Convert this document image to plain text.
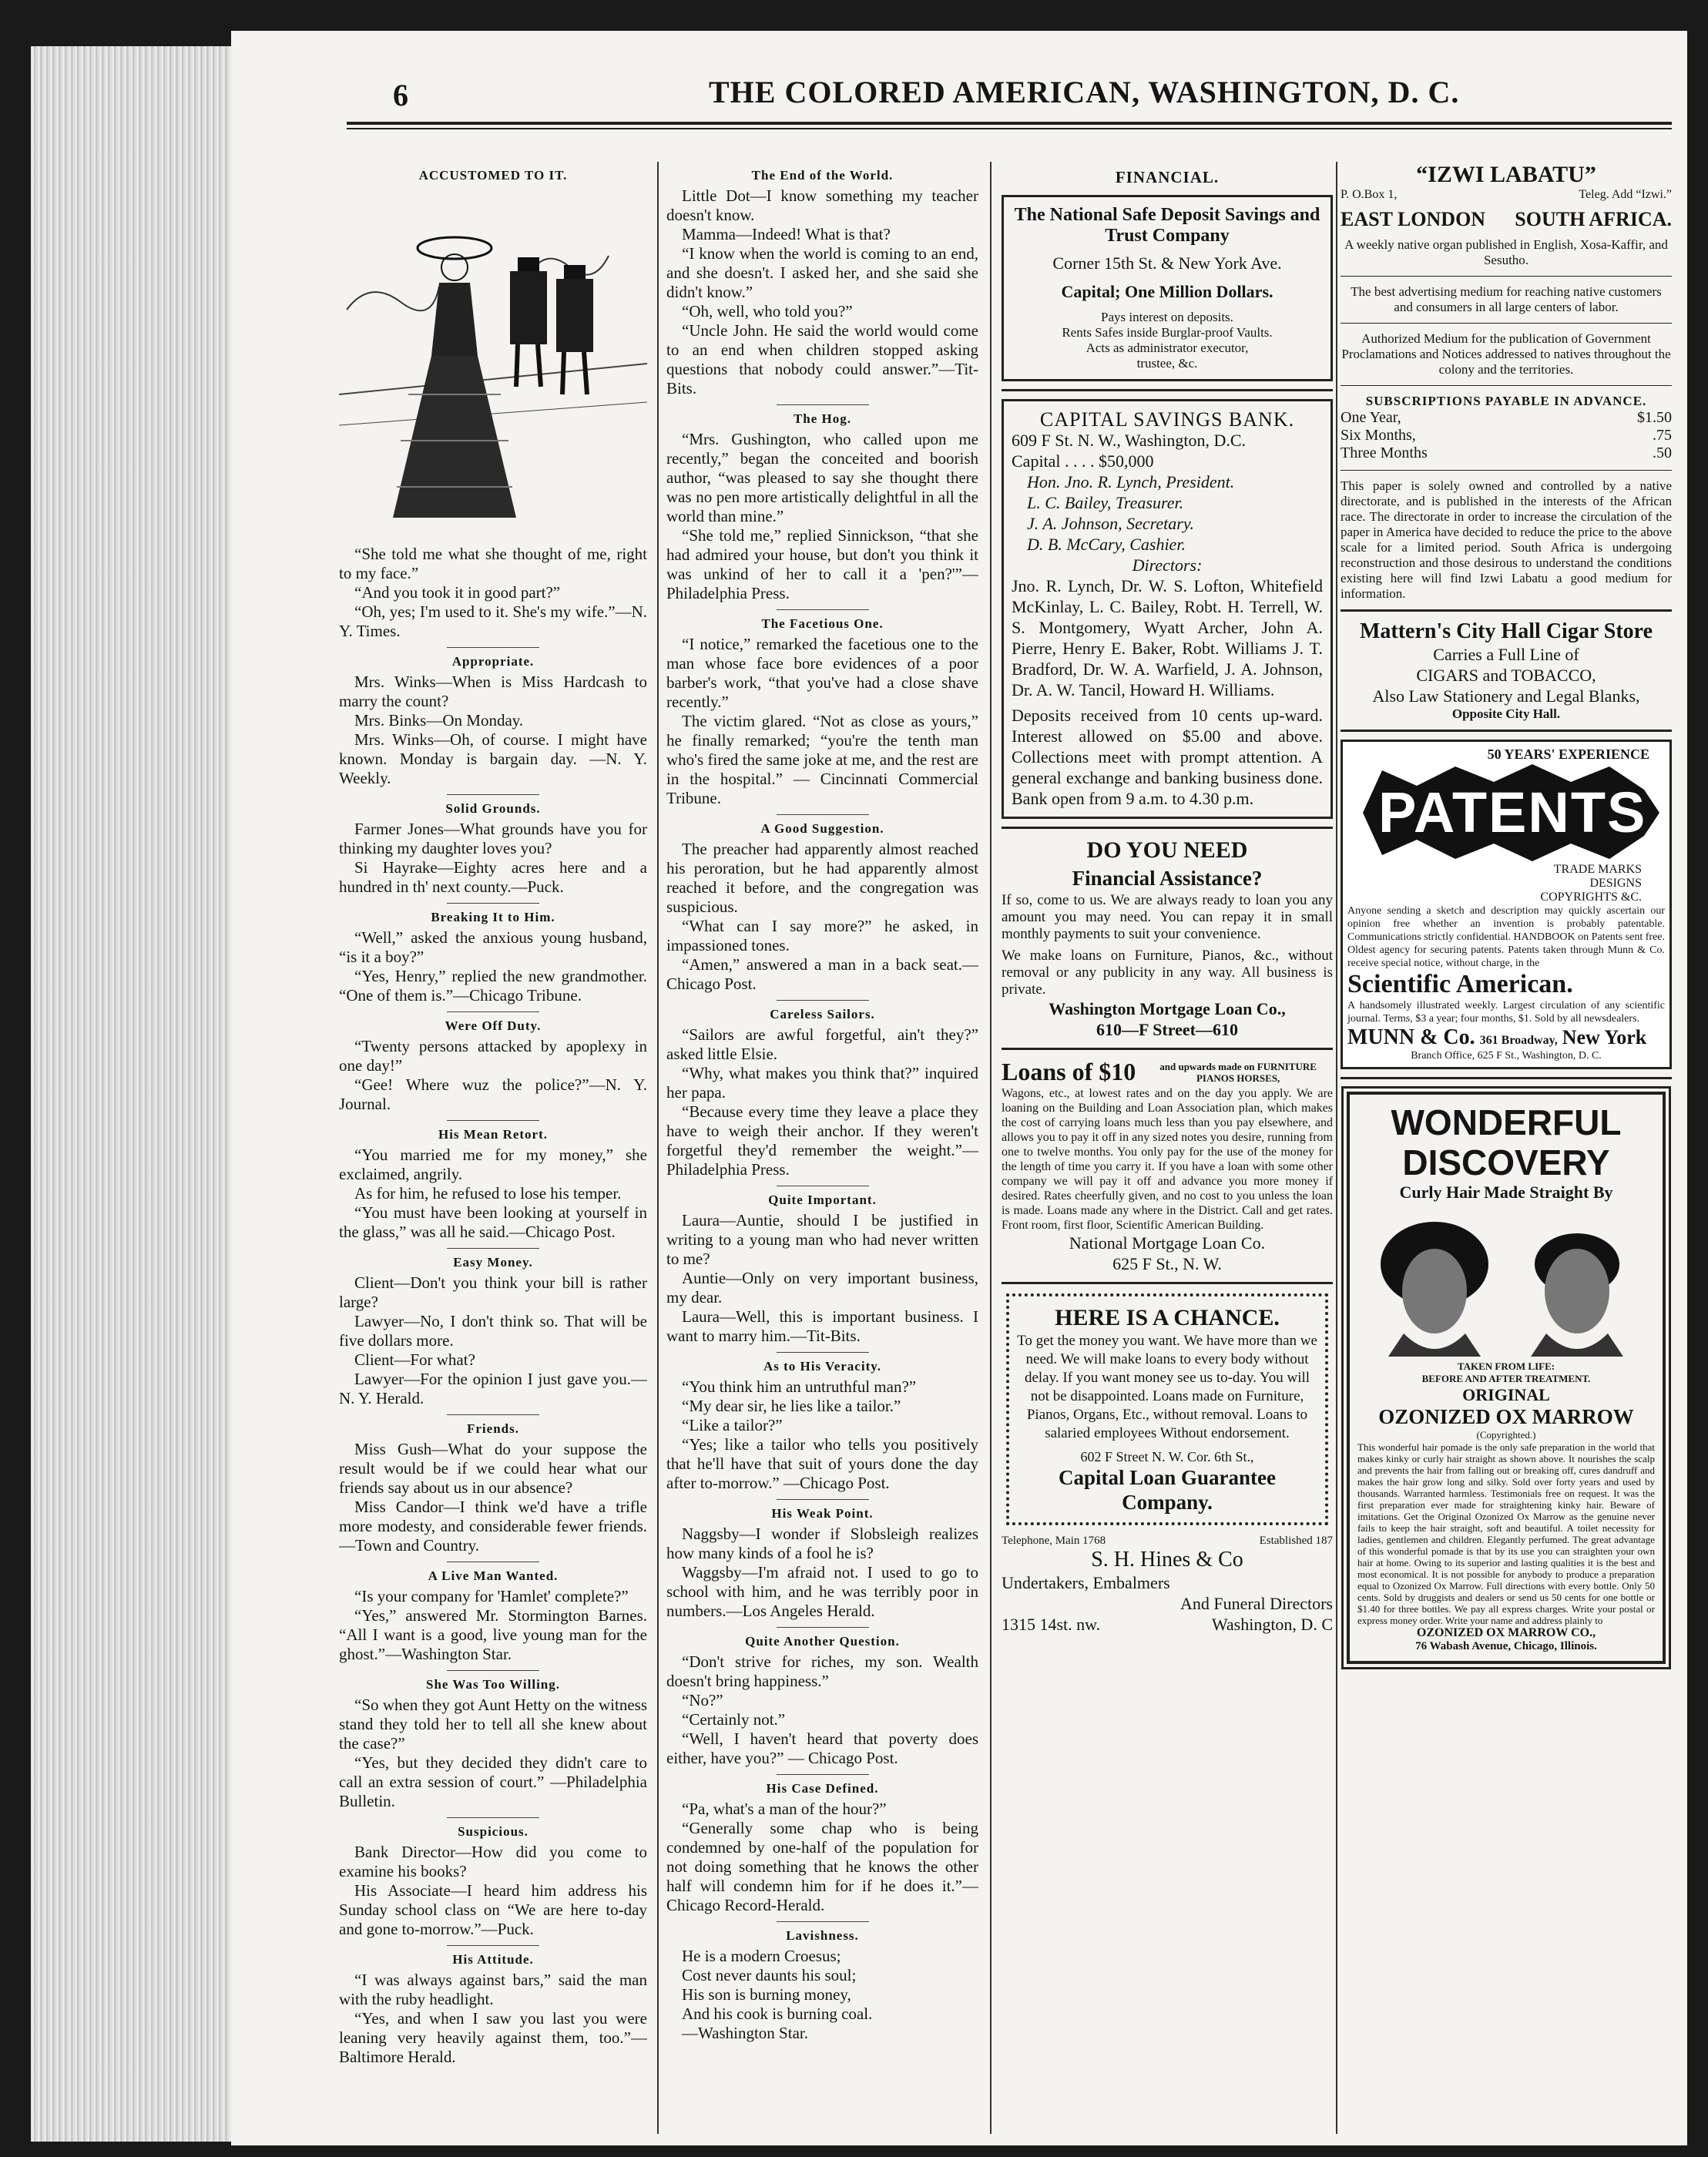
6	THE COLORED AMERICAN, WASHINGTON, D. C.
ACCUSTOMED TO IT.

“She told me what she thought of me, right to my face.”

“And you took it in good part?”

“Oh, yes; I'm used to it. She's my wife.”—N. Y. Times.

Appropriate.

Mrs. Winks—When is Miss Hardcash to marry the count?

Mrs. Binks—On Monday.

Mrs. Winks—Oh, of course. I might have known. Monday is bargain day. —N. Y. Weekly.

Solid Grounds.

Farmer Jones—What grounds have you for thinking my daughter loves you?

Si Hayrake—Eighty acres here and a hundred in th' next county.—Puck.

Breaking It to Him.

“Well,” asked the anxious young husband, “is it a boy?”

“Yes, Henry,” replied the new grandmother. “One of them is.”—Chicago Tribune.

Were Off Duty.

“Twenty persons attacked by apoplexy in one day!”

“Gee! Where wuz the police?”—N. Y. Journal.

His Mean Retort.

“You married me for my money,” she exclaimed, angrily.

As for him, he refused to lose his temper.

“You must have been looking at yourself in the glass,” was all he said.—Chicago Post.

Easy Money.

Client—Don't you think your bill is rather large?

Lawyer—No, I don't think so. That will be five dollars more.

Client—For what?

Lawyer—For the opinion I just gave you.—N. Y. Herald.

Friends.

Miss Gush—What do your suppose the result would be if we could hear what our friends say about us in our absence?

Miss Candor—I think we'd have a trifle more modesty, and considerable fewer friends.—Town and Country.

A Live Man Wanted.

“Is your company for 'Hamlet' complete?”

“Yes,” answered Mr. Stormington Barnes. “All I want is a good, live young man for the ghost.”—Washington Star.

She Was Too Willing.

“So when they got Aunt Hetty on the witness stand they told her to tell all she knew about the case?”

“Yes, but they decided they didn't care to call an extra session of court.” —Philadelphia Bulletin.

Suspicious.

Bank Director—How did you come to examine his books?

His Associate—I heard him address his Sunday school class on “We are here to-day and gone to-morrow.”—Puck.

His Attitude.

“I was always against bars,” said the man with the ruby headlight.

“Yes, and when I saw you last you were leaning very heavily against them, too.”—Baltimore Herald.

The End of the World.

Little Dot—I know something my teacher doesn't know.

Mamma—Indeed! What is that?

“I know when the world is coming to an end, and she doesn't. I asked her, and she said she didn't know.”

“Oh, well, who told you?”

“Uncle John. He said the world would come to an end when children stopped asking questions that nobody could answer.”—Tit-Bits.

The Hog.

“Mrs. Gushington, who called upon me recently,” began the conceited and boorish author, “was pleased to say she thought there was no pen more artistically delightful in all the world than mine.”

“She told me,” replied Sinnickson, “that she had admired your house, but don't you think it was unkind of her to call it a 'pen?'”—Philadelphia Press.

The Facetious One.

“I notice,” remarked the facetious one to the man whose face bore evidences of a poor barber's work, “that you've had a close shave recently.”

The victim glared. “Not as close as yours,” he finally remarked; “you're the tenth man who's fired the same joke at me, and the rest are in the hospital.” — Cincinnati Commercial Tribune.

A Good Suggestion.

The preacher had apparently almost reached his peroration, but he had apparently almost reached it before, and the congregation was suspicious.

“What can I say more?” he asked, in impassioned tones.

“Amen,” answered a man in a back seat.—Chicago Post.

Careless Sailors.

“Sailors are awful forgetful, ain't they?” asked little Elsie.

“Why, what makes you think that?” inquired her papa.

“Because every time they leave a place they have to weigh their anchor. If they weren't forgetful they'd remember the weight.”—Philadelphia Press.

Quite Important.

Laura—Auntie, should I be justified in writing to a young man who had never written to me?

Auntie—Only on very important business, my dear.

Laura—Well, this is important business. I want to marry him.—Tit-Bits.

As to His Veracity.

“You think him an untruthful man?”

“My dear sir, he lies like a tailor.”

“Like a tailor?”

“Yes; like a tailor who tells you positively that he'll have that suit of yours done the day after to-morrow.” —Chicago Post.

His Weak Point.

Naggsby—I wonder if Slobsleigh realizes how many kinds of a fool he is?

Waggsby—I'm afraid not. I used to go to school with him, and he was terribly poor in numbers.—Los Angeles Herald.

Quite Another Question.

“Don't strive for riches, my son. Wealth doesn't bring happiness.”

“No?”

“Certainly not.”

“Well, I haven't heard that poverty does either, have you?” — Chicago Post.

His Case Defined.

“Pa, what's a man of the hour?”

“Generally some chap who is being condemned by one-half of the population for not doing something that he knows the other half will condemn him for if he does it.”—Chicago Record-Herald.

Lavishness.

He is a modern Croesus;

Cost never daunts his soul;

His son is burning money,

And his cook is burning coal.

—Washington Star.

FINANCIAL.
The National Safe Deposit Savings and Trust Company
Corner 15th St. & New York Ave.
Capital; One Million Dollars.
Pays interest on deposits.
Rents Safes inside Burglar-proof Vaults.
Acts as administrator executor,
trustee, &c.
CAPITAL SAVINGS BANK.
609 F St. N. W., Washington, D.C.
Capital . . . . $50,000
Hon. Jno. R. Lynch, President.
L. C. Bailey, Treasurer.
J. A. Johnson, Secretary.
D. B. McCary, Cashier.
Directors:
Jno. R. Lynch, Dr. W. S. Lofton, Whitefield McKinlay, L. C. Bailey, Robt. H. Terrell, W. S. Montgomery, Wyatt Archer, John A. Pierre, Henry E. Baker, Robt. Williams J. T. Bradford, Dr. W. A. Warfield, J. A. Johnson, Dr. A. W. Tancil, Howard H. Williams.
Deposits received from 10 cents up-ward. Interest allowed on $5.00 and above. Collections meet with prompt attention. A general exchange and banking business done. Bank open from 9 a.m. to 4.30 p.m.
DO YOU NEED
Financial Assistance?
If so, come to us. We are always ready to loan you any amount you may need. You can repay it in small monthly payments to suit your convenience.
We make loans on Furniture, Pianos, &c., without removal or any publicity in any way. All business is private.
Washington Mortgage Loan Co.,
610—F Street—610
Loans of $10	and upwards made on FURNITURE PIANOS HORSES,
Wagons, etc., at lowest rates and on the day you apply. We are loaning on the Building and Loan Association plan, which makes the cost of carrying loans much less than you pay elsewhere, and allows you to pay it off in any sized notes you desire, running from one to twelve months. You only pay for the use of the money for the length of time you carry it. If you have a loan with some other company we will pay it off and advance you more money if desired. Rates cheerfully given, and no cost to you unless the loan is made. Loans made any where in the District. Call and get rates. Front room, first floor, Scientific American Building.
National Mortgage Loan Co.
625 F St., N. W.
HERE IS A CHANCE.
To get the money you want. We have more than we need. We will make loans to every body without delay. If you want money see us to-day. You will not be disappointed. Loans made on Furniture, Pianos, Organs, Etc., without removal. Loans to salaried employees Without endorsement.
602 F Street N. W. Cor. 6th St.,
Capital Loan Guarantee Company.
Telephone, Main 1768	Established 187
S. H. Hines & Co
Undertakers, Embalmers
And Funeral Directors
1315 14st. nw.	Washington, D. C
“IZWI LABATU”
P. O.Box 1,	Teleg. Add “Izwi.”
EAST LONDON SOUTH AFRICA.
A weekly native organ published in English, Xosa-Kaffir, and Sesutho.
The best advertising medium for reaching native customers and consumers in all large centers of labor.
Authorized Medium for the publication of Government Proclamations and Notices addressed to natives throughout the colony and the territories.
SUBSCRIPTIONS PAYABLE IN ADVANCE.
One Year,	$1.50
Six Months,	.75
Three Months	.50
This paper is solely owned and controlled by a native directorate, and is published in the interests of the African race. The directorate in order to increase the circulation of the paper in America have decided to reduce the price to the above scale for a limited period. South Africa is undergoing reconstruction and those desirous to understand the conditions existing here will find Izwi Labatu a good medium for information.
Mattern's City Hall Cigar Store
Carries a Full Line of
CIGARS and TOBACCO,
Also Law Stationery and Legal Blanks,
Opposite City Hall.
50 YEARS' EXPERIENCE
PATENTS
TRADE MARKS
DESIGNS
COPYRIGHTS &C.
Anyone sending a sketch and description may quickly ascertain our opinion free whether an invention is probably patentable. Communications strictly confidential. HANDBOOK on Patents sent free. Oldest agency for securing patents. Patents taken through Munn & Co. receive special notice, without charge, in the
Scientific American.
A handsomely illustrated weekly. Largest circulation of any scientific journal. Terms, $3 a year; four months, $1. Sold by all newsdealers.
MUNN & Co. 361 Broadway, New York
Branch Office, 625 F St., Washington, D. C.
WONDERFUL DISCOVERY
Curly Hair Made Straight By
TAKEN FROM LIFE:
BEFORE AND AFTER TREATMENT.
ORIGINAL
OZONIZED OX MARROW
(Copyrighted.)
This wonderful hair pomade is the only safe preparation in the world that makes kinky or curly hair straight as shown above. It nourishes the scalp and prevents the hair from falling out or breaking off, cures dandruff and makes the hair grow long and silky. Sold over forty years and used by thousands. Warranted harmless. Testimonials free on request. It was the first preparation ever made for straightening kinky hair. Beware of imitations. Get the Original Ozonized Ox Marrow as the genuine never fails to keep the hair straight, soft and beautiful. A toilet necessity for ladies, gentlemen and children. Elegantly perfumed. The great advantage of this wonderful pomade is that by its use you can straighten your own hair at home. Owing to its superior and lasting qualities it is the best and most economical. It is not possible for anybody to produce a preparation equal to Ozonized Ox Marrow. Full directions with every bottle. Only 50 cents. Sold by druggists and dealers or send us 50 cents for one bottle or $1.40 for three bottles. We pay all express charges. Write your postal or express money order. Write your name and address plainly to
OZONIZED OX MARROW CO.,
76 Wabash Avenue, Chicago, Illinois.
